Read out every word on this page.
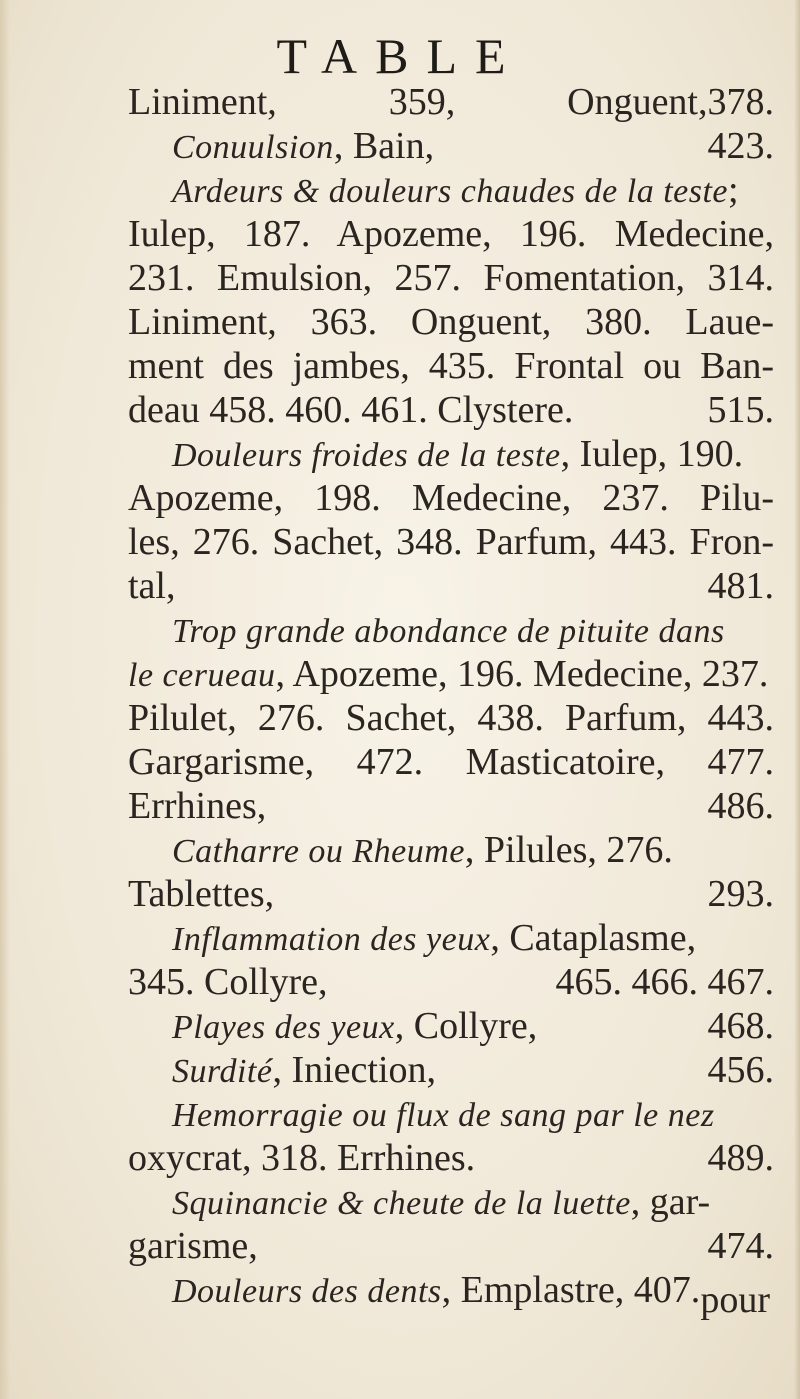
TABLE
Liniment, 359, Onguent, 378.
Conuulsion, Bain,	423.
Ardeurs & douleurs chaudes de la teste;
Iulep, 187. Apozeme, 196. Medecine,
231. Emulsion, 257. Fomentation, 314.
Liniment, 363. Onguent, 380. Laue-
ment des jambes, 435. Frontal ou Ban-
deau 458. 460. 461. Clystere.	515.
Douleurs froides de la teste, Iulep, 190.
Apozeme, 198. Medecine, 237. Pilu-
les, 276. Sachet, 348. Parfum, 443. Fron-
tal,	481.
Trop grande abondance de pituite dans
le cerueau, Apozeme, 196. Medecine, 237.
Pilulet, 276. Sachet, 438. Parfum, 443.
Gargarisme, 472. Masticatoire, 477.
Errhines,	486.
Catharre ou Rheume, Pilules, 276.
Tablettes,	293.
Inflammation des yeux, Cataplasme,
345. Collyre,	465. 466. 467.
Playes des yeux, Collyre,	468.
Surdité, Iniection,	456.
Hemorragie ou flux de sang par le nez
oxycrat, 318. Errhines.	489.
Squinancie & cheute de la luette, gar-
garisme,	474.
Douleurs des dents, Emplastre, 407. pour
